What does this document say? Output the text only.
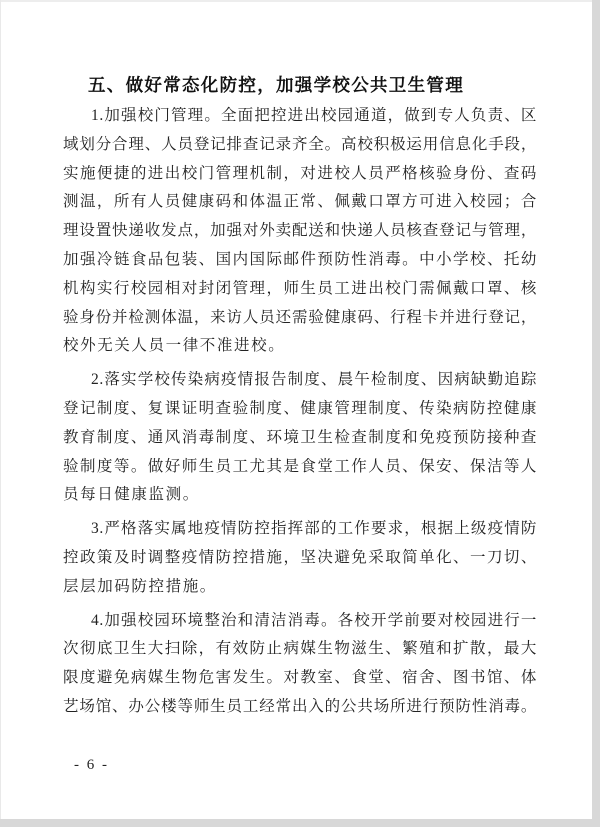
五、做好常态化防控，加强学校公共卫生管理
1.加强校门管理。全面把控进出校园通道，做到专人负责、区
域划分合理、人员登记排查记录齐全。高校积极运用信息化手段，
实施便捷的进出校门管理机制，对进校人员严格核验身份、查码
测温，所有人员健康码和体温正常、佩戴口罩方可进入校园；合
理设置快递收发点，加强对外卖配送和快递人员核查登记与管理，
加强冷链食品包装、国内国际邮件预防性消毒。中小学校、托幼
机构实行校园相对封闭管理，师生员工进出校门需佩戴口罩、核
验身份并检测体温，来访人员还需验健康码、行程卡并进行登记，
校外无关人员一律不准进校。
2.落实学校传染病疫情报告制度、晨午检制度、因病缺勤追踪
登记制度、复课证明查验制度、健康管理制度、传染病防控健康
教育制度、通风消毒制度、环境卫生检查制度和免疫预防接种查
验制度等。做好师生员工尤其是食堂工作人员、保安、保洁等人
员每日健康监测。
3.严格落实属地疫情防控指挥部的工作要求，根据上级疫情防
控政策及时调整疫情防控措施，坚决避免采取简单化、一刀切、
层层加码防控措施。
4.加强校园环境整治和清洁消毒。各校开学前要对校园进行一
次彻底卫生大扫除，有效防止病媒生物滋生、繁殖和扩散，最大
限度避免病媒生物危害发生。对教室、食堂、宿舍、图书馆、体
艺场馆、办公楼等师生员工经常出入的公共场所进行预防性消毒。
- 6 -
